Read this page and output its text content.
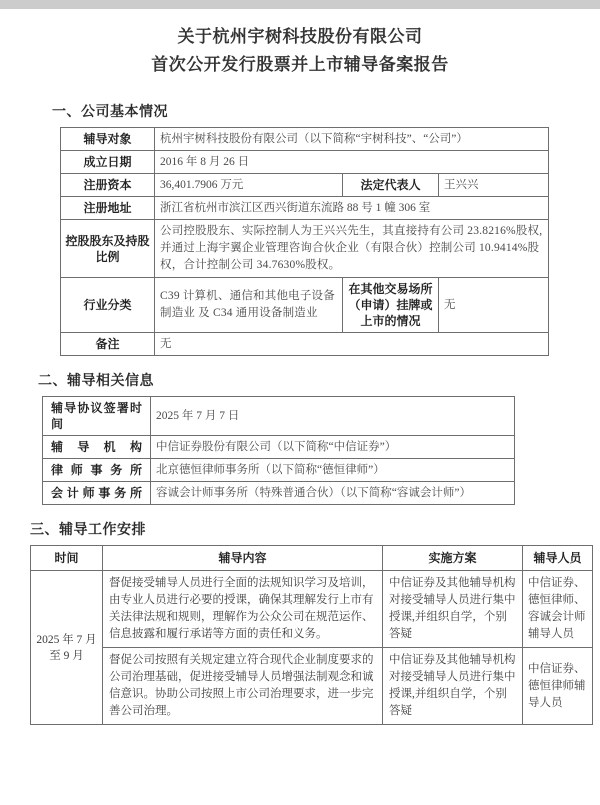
关于杭州宇树科技股份有限公司
首次公开发行股票并上市辅导备案报告
一、公司基本情况
辅导对象	杭州宇树科技股份有限公司（以下简称“宇树科技”、“公司”）		
成立日期	2016 年 8 月 26 日		
注册资本	36,401.7906 万元	法定代表人	王兴兴
注册地址	浙江省杭州市滨江区西兴街道东流路 88 号 1 幢 306 室		
控股股东及持股比例	公司控股股东、实际控制人为王兴兴先生，其直接持有公司 23.8216%股权,并通过上海宇翼企业管理咨询合伙企业（有限合伙）控制公司 10.9414%股权，合计控制公司 34.7630%股权。		
行业分类	C39 计算机、通信和其他电子设备制造业 及 C34 通用设备制造业	在其他交易场所（申请）挂牌或上市的情况	无
备注	无		
二、辅导相关信息
辅导协议签署时间	2025 年 7 月 7 日
辅导机构	中信证券股份有限公司（以下简称“中信证券”）
律师事务所	北京德恒律师事务所（以下简称“德恒律师”）
会计师事务所	容诚会计师事务所（特殊普通合伙）（以下简称“容诚会计师”）
三、辅导工作安排
时间	辅导内容	实施方案	辅导人员
2025 年 7 月至 9 月	督促接受辅导人员进行全面的法规知识学习及培训，由专业人员进行必要的授课，确保其理解发行上市有关法律法规和规则，理解作为公众公司在规范运作、信息披露和履行承诺等方面的责任和义务。	中信证券及其他辅导机构对接受辅导人员进行集中授课,并组织自学，个别答疑	中信证券、德恒律师、容诚会计师辅导人员
	督促公司按照有关规定建立符合现代企业制度要求的公司治理基础，促进接受辅导人员增强法制观念和诚信意识。协助公司按照上市公司治理要求，进一步完善公司治理。	中信证券及其他辅导机构对接受辅导人员进行集中授课,并组织自学，个别答疑	中信证券、德恒律师辅导人员
